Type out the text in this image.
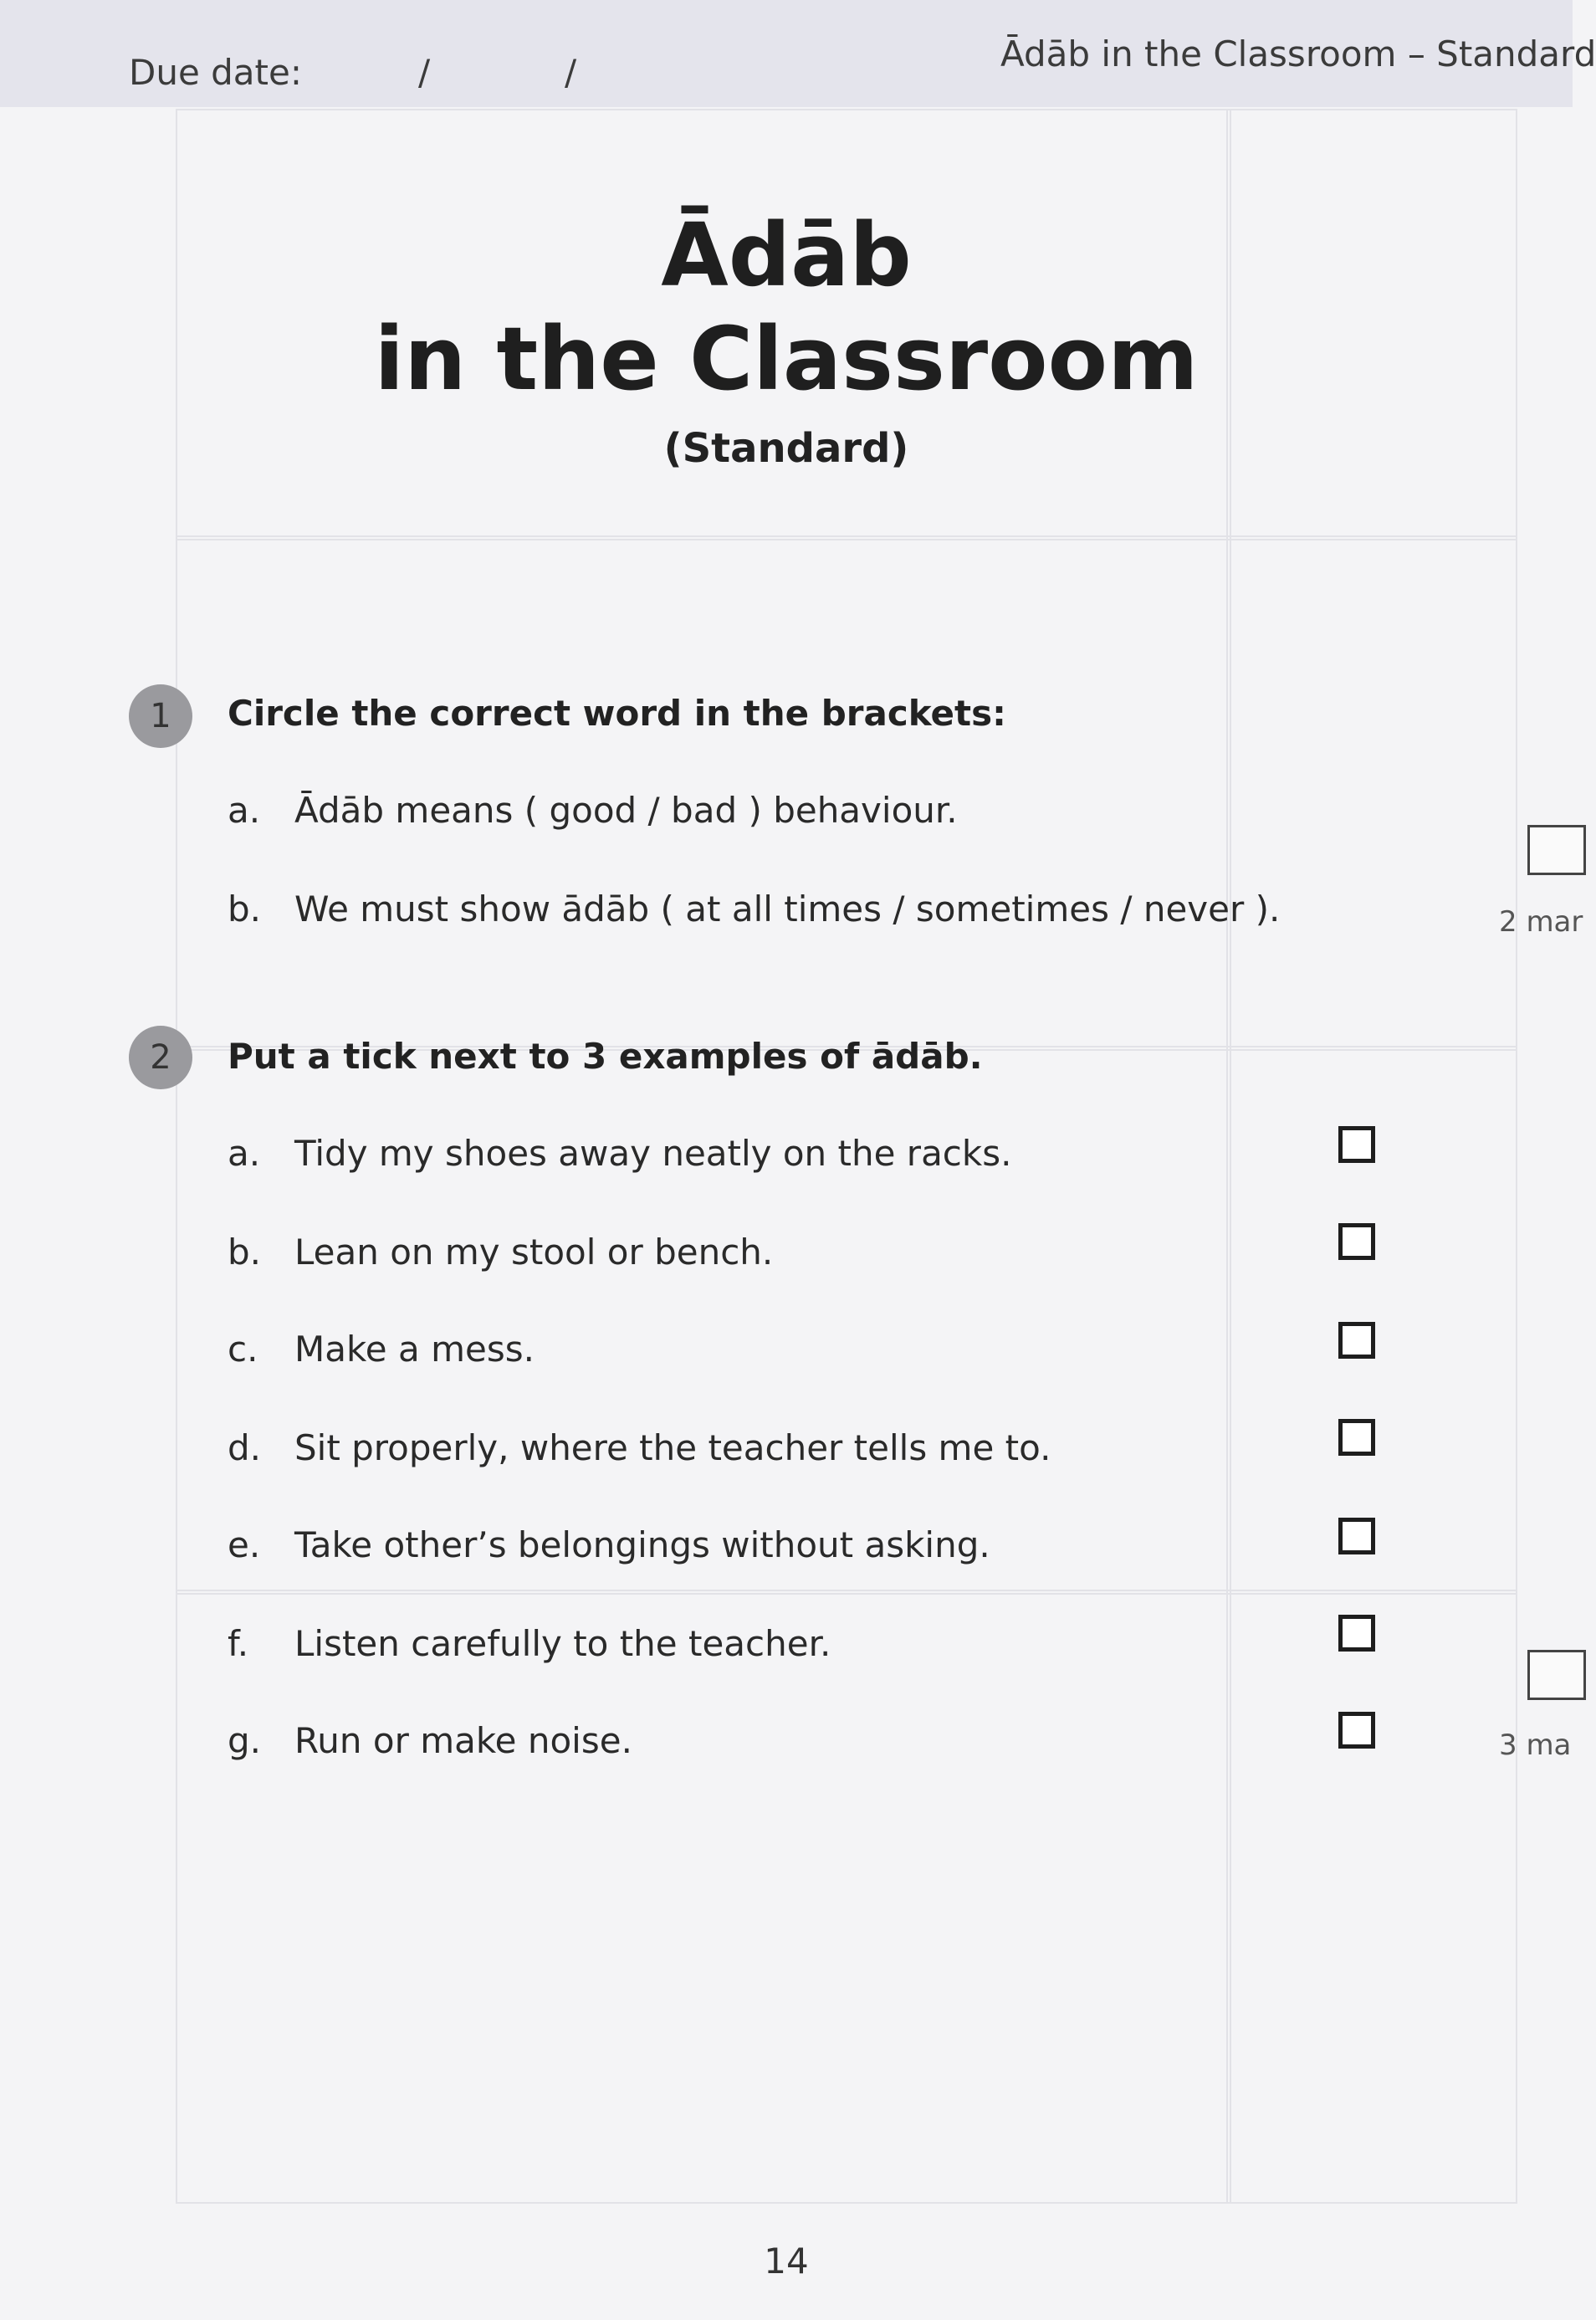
Due date:	/	/	Ādāb in the Classroom – Standard
Ādāb
in the Classroom
(Standard)
1	Circle the correct word in the brackets:
a. Ādāb means ( good / bad ) behaviour.
b. We must show ādāb ( at all times / sometimes / never ).	2 mar
2	Put a tick next to 3 examples of ādāb.
a. Tidy my shoes away neatly on the racks.
b. Lean on my stool or bench.
c. Make a mess.
d. Sit properly, where the teacher tells me to.
e. Take other’s belongings without asking.
f. Listen carefully to the teacher.
g. Run or make noise.	3 ma
14
